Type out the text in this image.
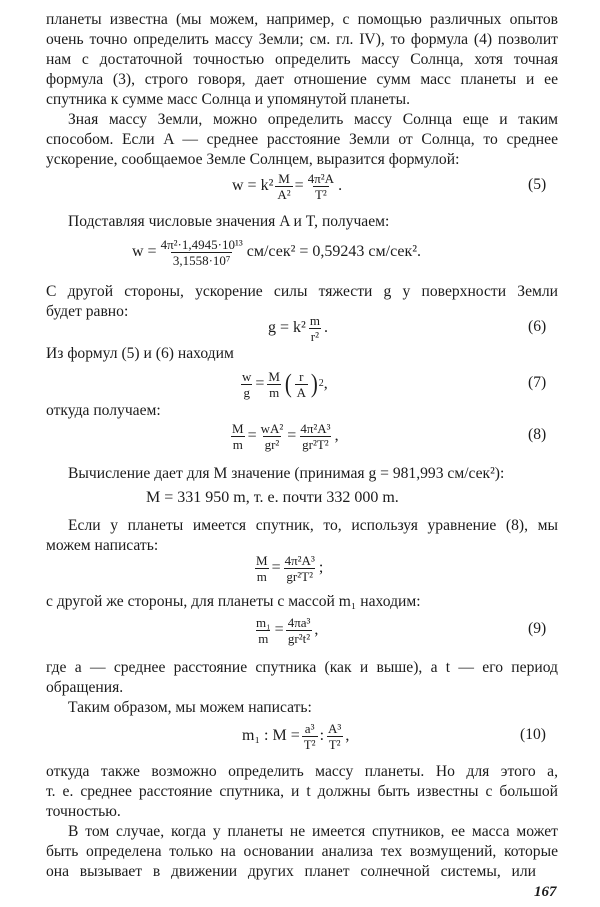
планеты известна (мы можем, например, с помощью различных опытов
очень точно определить массу Земли; см. гл. IV), то формула (4) позволит
нам с достаточной точностью определить массу Солнца, хотя точная
формула (3), строго говоря, дает отношение сумм масс планеты и ее
спутника к сумме масс Солнца и упомянутой планеты.
Зная массу Земли, можно определить массу Солнца еще и таким
способом. Если A — среднее расстояние Земли от Солнца, то среднее
ускорение, сообщаемое Земле Солнцем, выразится формулой:
$w = k^2 \frac{M}{\text{A²}} = \frac{\text{4π²A}}{\text{T²}}$ .	(5)
Подставляя числовые значения A и T, получаем:
$w = \frac{\text{4π²·1,4945·10¹³}}{\text{3,1558·10⁷}} см/сек^2 = 0,59243$ см/сек².
С другой стороны, ускорение силы тяжести g у поверхности Земли
будет равно:
$g = k^2 \frac{m}{\text{r²}}$ .	(6)
Из формул (5) и (6) находим
$\frac{w}{g} = \frac{M}{m}$ ( $\frac{r}{A}$ ) 2 ,	(7)
откуда получаем:
$\frac{M}{m} = \frac{\text{wA²}}{\text{gr²}} = \frac{\text{4π²A³}}{\text{gr²T²}}$ ,	(8)
Вычисление дает для M значение (принимая g = 981,993 см/сек²):
M = 331 950 m, т. е. почти 332 000 m.
Если у планеты имеется спутник, то, используя уравнение (8), мы
можем написать:
$\frac{M}{m} = \frac{\text{4π²A³}}{\text{gr²T²}}$ ;
с другой же стороны, для планеты с массой m₁ находим:
$\frac{\text{m₁}}{m} = \frac{\text{4πa³}}{\text{gr²t²}}$ ,	(9)
где a — среднее расстояние спутника (как и выше), а t — его период
обращения.
Таким образом, мы можем написать:
m₁ : $M = \frac{\text{a³}}{\text{T²}}$ : $\frac{\text{A³}}{\text{T²}}$ ,	(10)
откуда также возможно определить массу планеты. Но для этого a,
т. е. среднее расстояние спутника, и t должны быть известны с большой
точностью.
В том случае, когда у планеты не имеется спутников, ее масса может
быть определена только на основании анализа тех возмущений, которые
она вызывает в движении других планет солнечной системы, или
167
